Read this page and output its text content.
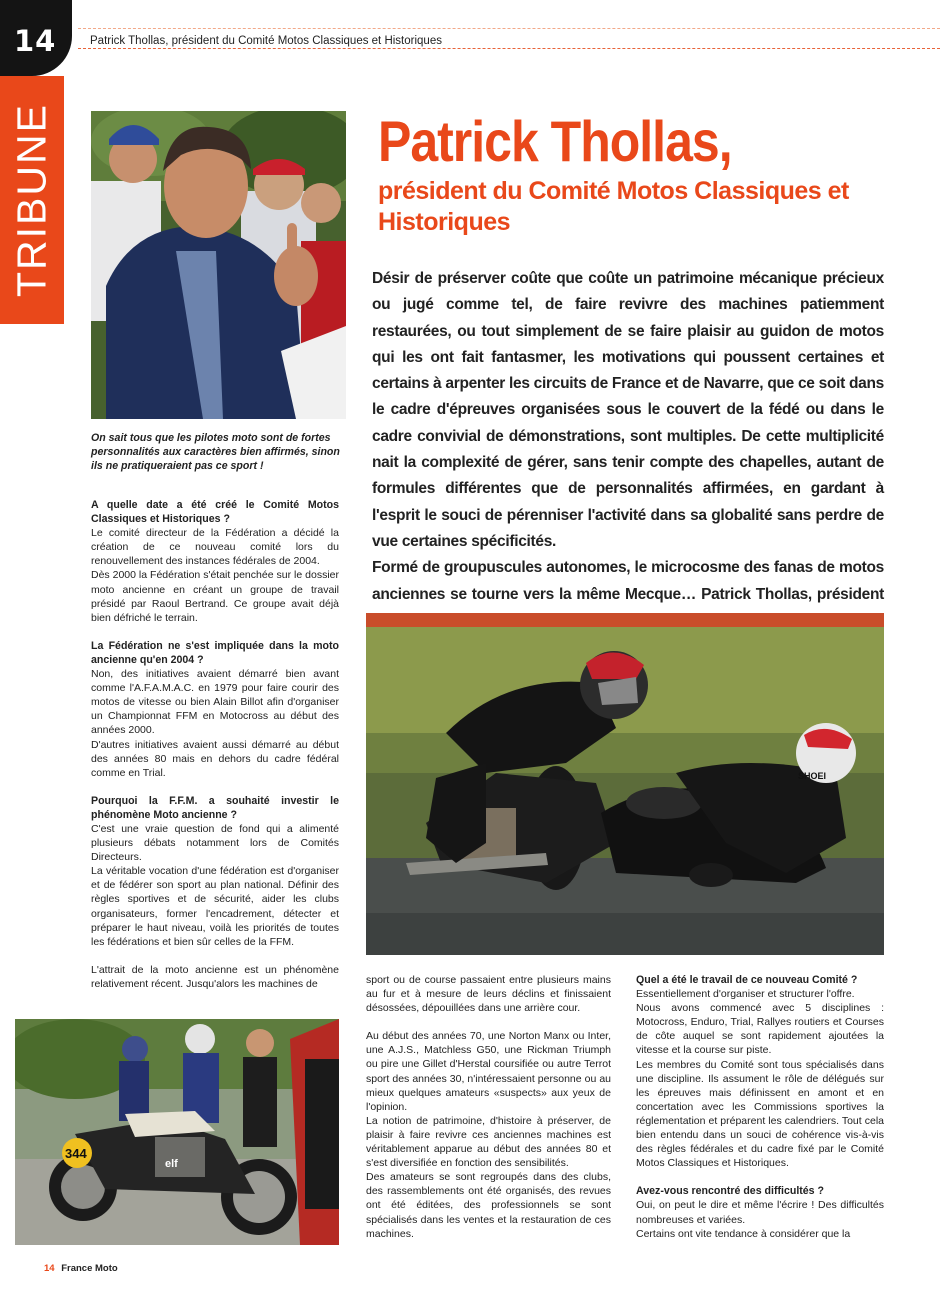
14	Patrick Thollas, président du Comité Motos Classiques et Historiques
TRIBUNE
On sait tous que les pilotes moto sont de fortes personnalités aux caractères bien affirmés, sinon ils ne pratiqueraient pas ce sport !
Patrick Thollas,
président du Comité Motos Classiques et Historiques

Désir de préserver coûte que coûte un patrimoine mécanique précieux ou jugé comme tel, de faire revivre des machines patiemment restaurées, ou tout simplement de se faire plaisir au guidon de motos qui les ont fait fantasmer, les motivations qui poussent certaines et certains à arpenter les circuits de France et de Navarre, que ce soit dans le cadre d'épreuves organisées sous le couvert de la fédé ou dans le cadre convivial de démonstrations, sont multiples. De cette multiplicité nait la complexité de gérer, sans tenir compte des chapelles, autant de formules différentes que de personnalités affirmées, en gardant à l'esprit le souci de pérenniser l'activité dans sa globalité sans perdre de vue certaines spécificités.

Formé de groupuscules autonomes, le microcosme des fanas de motos anciennes se tourne vers la même Mecque… Patrick Thollas, président

SHOEI
A quelle date a été créé le Comité Motos Classiques et Historiques ?

Le comité directeur de la Fédération a décidé la création de ce nouveau comité lors du renouvellement des instances fédérales de 2004.

Dès 2000 la Fédération s'était penchée sur le dossier moto ancienne en créant un groupe de travail présidé par Raoul Bertrand. Ce groupe avait déjà bien défriché le terrain.

La Fédération ne s'est impliquée dans la moto ancienne qu'en 2004 ?

Non, des initiatives avaient démarré bien avant comme l'A.F.A.M.A.C. en 1979 pour faire courir des motos de vitesse ou bien Alain Billot afin d'organiser un Championnat FFM en Motocross au début des années 2000.

D'autres initiatives avaient aussi démarré au début des années 80 mais en dehors du cadre fédéral comme en Trial.

Pourquoi la F.F.M. a souhaité investir le phénomène Moto ancienne ?

C'est une vraie question de fond qui a alimenté plusieurs débats notamment lors de Comités Directeurs.

La véritable vocation d'une fédération est d'organiser et de fédérer son sport au plan national. Définir des règles sportives et de sécurité, aider les clubs organisateurs, former l'encadrement, détecter et préparer le haut niveau, voilà les priorités de toutes les fédérations et bien sûr celles de la FFM.

L'attrait de la moto ancienne est un phénomène relativement récent. Jusqu'alors les machines de

344
elf

sport ou de course passaient entre plusieurs mains au fur et à mesure de leurs déclins et finissaient désossées, dépouillées dans une arrière cour.

Au début des années 70, une Norton Manx ou Inter, une A.J.S., Matchless G50, une Rickman Triumph ou pire une Gillet d'Herstal coursifiée ou autre Terrot sport des années 30, n'intéressaient personne ou au mieux quelques amateurs «suspects» aux yeux de l'opinion.

La notion de patrimoine, d'histoire à préserver, de plaisir à faire revivre ces anciennes machines est véritablement apparue au début des années 80 et s'est diversifiée en fonction des sensibilités.

Des amateurs se sont regroupés dans des clubs, des rassemblements ont été organisés, des revues ont été éditées, des professionnels se sont spécialisés dans les ventes et la restauration de ces machines.

Quel a été le travail de ce nouveau Comité ?

Essentiellement d'organiser et structurer l'offre.

Nous avons commencé avec 5 disciplines : Motocross, Enduro, Trial, Rallyes routiers et Courses de côte auquel se sont rapidement ajoutées la vitesse et la course sur piste.

Les membres du Comité sont tous spécialisés dans une discipline. Ils assument le rôle de délégués sur les épreuves mais définissent en amont et en concertation avec les Commissions sportives la réglementation et préparent les calendriers. Tout cela bien entendu dans un souci de cohérence vis-à-vis des règles fédérales et du cadre fixé par le Comité Motos Classiques et Historiques.

Avez-vous rencontré des difficultés ?

Oui, on peut le dire et même l'écrire ! Des difficultés nombreuses et variées.

Certains ont vite tendance à considérer que la

14 France Moto
